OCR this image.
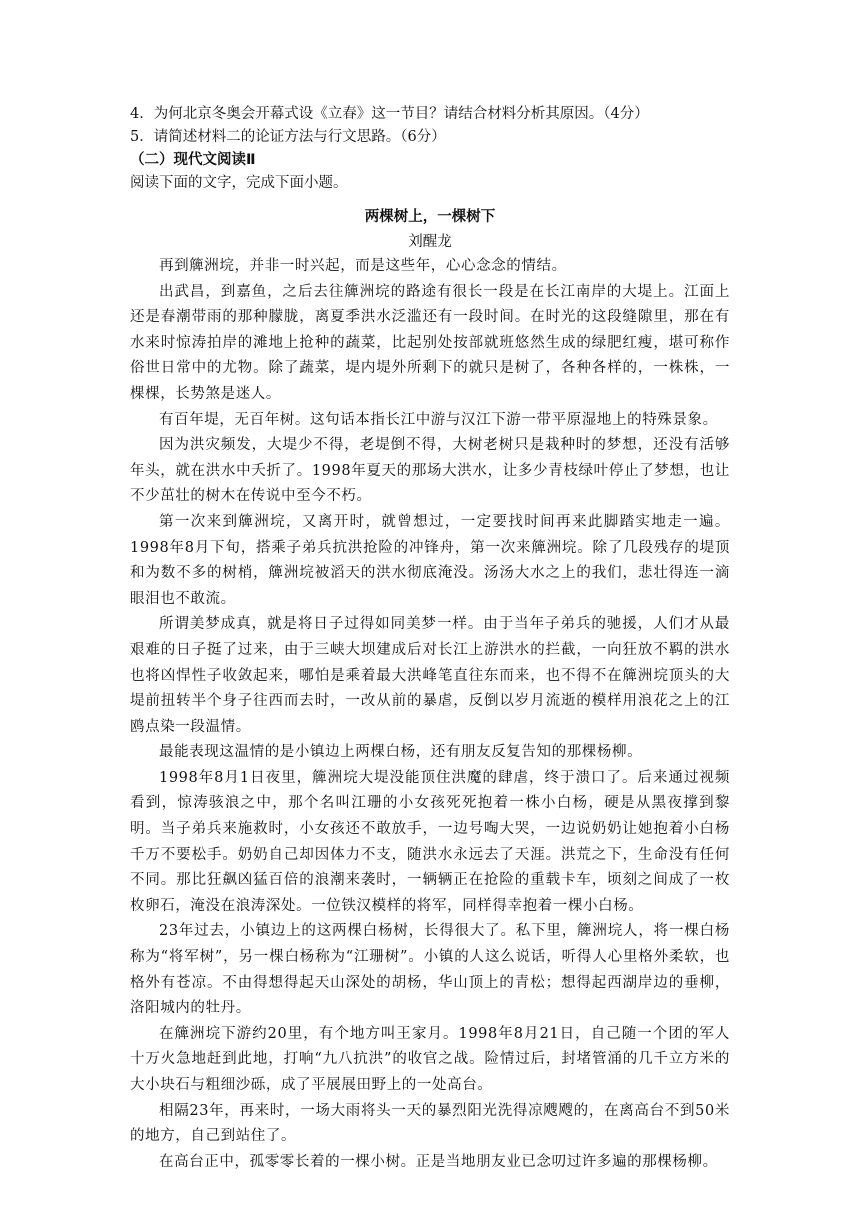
4．为何北京冬奥会开幕式设《立春》这一节目？请结合材料分析其原因。（4分）

5．请简述材料二的论证方法与行文思路。（6分）

（二）现代文阅读Ⅱ

阅读下面的文字，完成下面小题。

两棵树上，一棵树下

刘醒龙

再到簰洲垸，并非一时兴起，而是这些年，心心念念的情结。

出武昌，到嘉鱼，之后去往簰洲垸的路途有很长一段是在长江南岸的大堤上。江面上还是春潮带雨的那种朦胧，离夏季洪水泛滥还有一段时间。在时光的这段缝隙里，那在有水来时惊涛拍岸的滩地上抢种的蔬菜，比起别处按部就班悠然生成的绿肥红瘦，堪可称作俗世日常中的尤物。除了蔬菜，堤内堤外所剩下的就只是树了，各种各样的，一株株，一棵棵，长势煞是迷人。

有百年堤，无百年树。这句话本指长江中游与汉江下游一带平原湿地上的特殊景象。

因为洪灾频发，大堤少不得，老堤倒不得，大树老树只是栽种时的梦想，还没有活够年头，就在洪水中夭折了。1998年夏天的那场大洪水，让多少青枝绿叶停止了梦想，也让不少茁壮的树木在传说中至今不朽。

第一次来到簰洲垸，又离开时，就曾想过，一定要找时间再来此脚踏实地走一遍。1998年8月下旬，搭乘子弟兵抗洪抢险的冲锋舟，第一次来簰洲垸。除了几段残存的堤顶和为数不多的树梢，簰洲垸被滔天的洪水彻底淹没。汤汤大水之上的我们，悲壮得连一滴眼泪也不敢流。

所谓美梦成真，就是将日子过得如同美梦一样。由于当年子弟兵的驰援，人们才从最艰难的日子挺了过来，由于三峡大坝建成后对长江上游洪水的拦截，一向狂放不羁的洪水也将凶悍性子收敛起来，哪怕是乘着最大洪峰笔直往东而来，也不得不在簰洲垸顶头的大堤前扭转半个身子往西而去时，一改从前的暴虐，反倒以岁月流逝的模样用浪花之上的江鸥点染一段温情。

最能表现这温情的是小镇边上两棵白杨，还有朋友反复告知的那棵杨柳。

1998年8月1日夜里，簰洲垸大堤没能顶住洪魔的肆虐，终于溃口了。后来通过视频看到，惊涛骇浪之中，那个名叫江珊的小女孩死死抱着一株小白杨，硬是从黑夜撑到黎明。当子弟兵来施救时，小女孩还不敢放手，一边号啕大哭，一边说奶奶让她抱着小白杨千万不要松手。奶奶自己却因体力不支，随洪水永远去了天涯。洪荒之下，生命没有任何不同。那比狂飙凶猛百倍的浪潮来袭时，一辆辆正在抢险的重载卡车，顷刻之间成了一枚枚卵石，淹没在浪涛深处。一位铁汉模样的将军，同样得幸抱着一棵小白杨。

23年过去，小镇边上的这两棵白杨树，长得很大了。私下里，簰洲垸人，将一棵白杨称为“将军树”，另一棵白杨称为“江珊树”。小镇的人这么说话，听得人心里格外柔软，也格外有苍凉。不由得想得起天山深处的胡杨，华山顶上的青松；想得起西湖岸边的垂柳，洛阳城内的牡丹。

在簰洲垸下游约20里，有个地方叫王家月。1998年8月21日，自己随一个团的军人十万火急地赶到此地，打响“九八抗洪”的收官之战。险情过后，封堵管涌的几千立方米的大小块石与粗细沙砾，成了平展展田野上的一处高台。

相隔23年，再来时，一场大雨将头一天的暴烈阳光洗得凉飕飕的，在离高台不到50米的地方，自己到站住了。

在高台正中，孤零零长着的一棵小树。正是当地朋友业已念叨过许多遍的那棵杨柳。
